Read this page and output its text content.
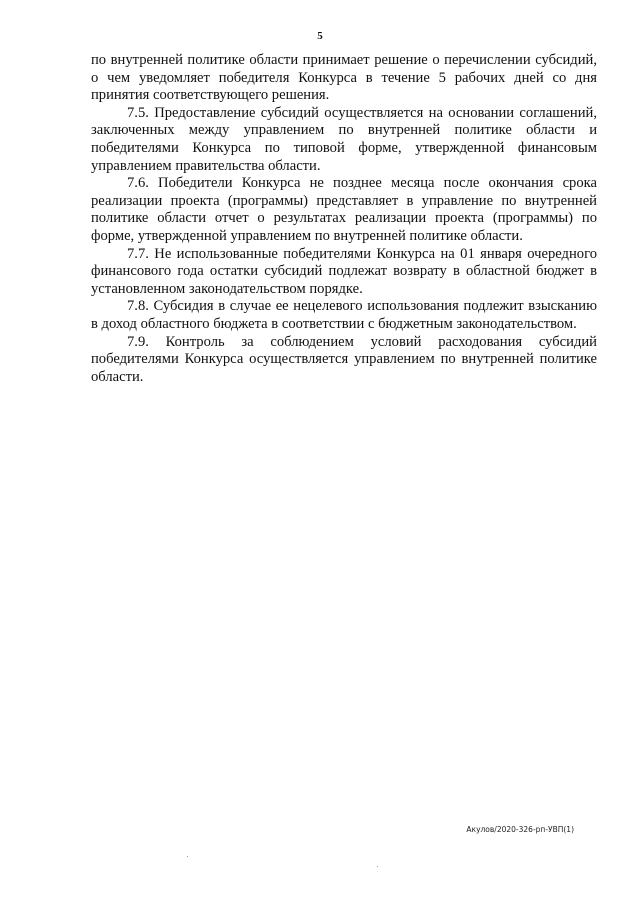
5

по внутренней политике области принимает решение о перечислении субсидий, о чем уведомляет победителя Конкурса в течение 5 рабочих дней со дня принятия соответствующего решения.

7.5. Предоставление субсидий осуществляется на основании соглашений, заключенных между управлением по внутренней политике области и победителями Конкурса по типовой форме, утвержденной финансовым управлением правительства области.

7.6. Победители Конкурса не позднее месяца после окончания срока реализации проекта (программы) представляет в управление по внутренней политике области отчет о результатах реализации проекта (программы) по форме, утвержденной управлением по внутренней политике области.

7.7. Не использованные победителями Конкурса на 01 января очередного финансового года остатки субсидий подлежат возврату в областной бюджет в установленном законодательством порядке.

7.8. Субсидия в случае ее нецелевого использования подлежит взысканию в доход областного бюджета в соответствии с бюджетным законодательством.

7.9. Контроль за соблюдением условий расходования субсидий победителями Конкурса осуществляется управлением по внутренней политике области.

Акулов/2020-326-рп-УВП(1)
